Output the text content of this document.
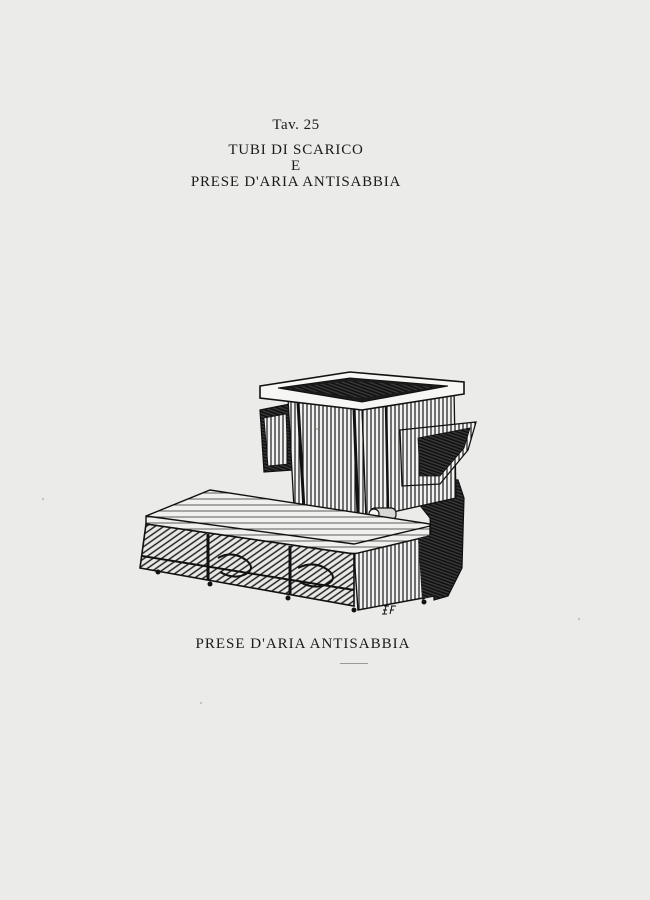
Tav. 25
TUBI DI SCARICO
E
PRESE D'ARIA ANTISABBIA
PRESE D'ARIA ANTISABBIA
